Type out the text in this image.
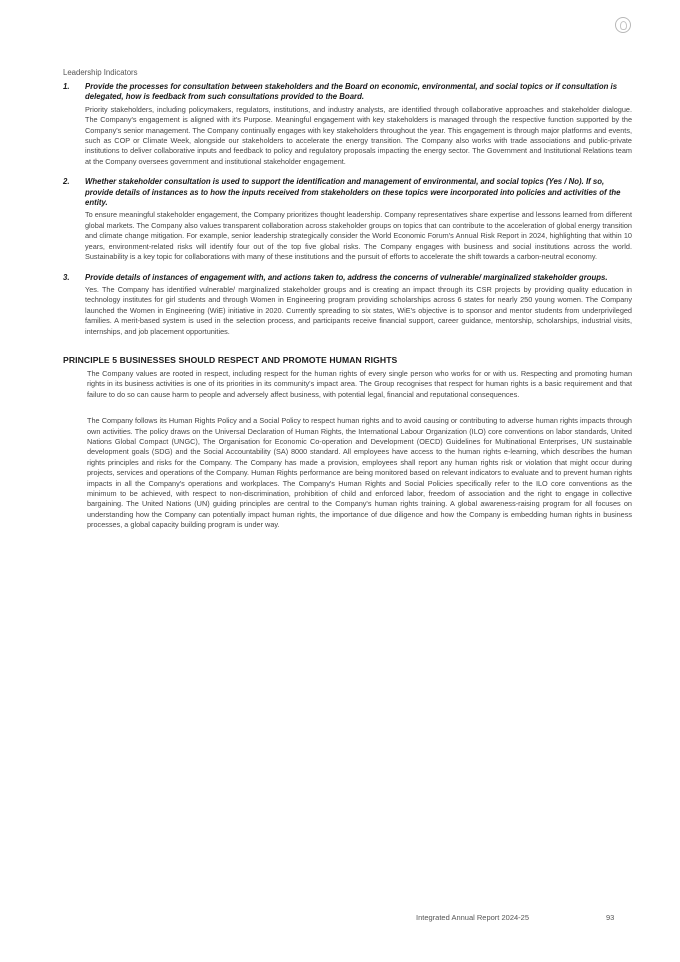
Leadership Indicators

1.	Provide the processes for consultation between stakeholders and the Board on economic, environmental, and social topics or if consultation is delegated, how is feedback from such consultations provided to the Board.

Priority stakeholders, including policymakers, regulators, institutions, and industry analysts, are identified through collaborative approaches and stakeholder dialogue. The Company's engagement is aligned with it's Purpose. Meaningful engagement with key stakeholders is managed through the respective function supported by the Company's senior management. The Company continually engages with key stakeholders throughout the year. This engagement is through major platforms and events, such as COP or Climate Week, alongside our stakeholders to accelerate the energy transition. The Company also works with trade associations and public-private institutions to deliver collaborative inputs and feedback to policy and regulatory proposals impacting the energy sector. The Government and Institutional Relations team at the Company oversees government and institutional stakeholder engagement.

2.	Whether stakeholder consultation is used to support the identification and management of environmental, and social topics (Yes / No). If so, provide details of instances as to how the inputs received from stakeholders on these topics were incorporated into policies and activities of the entity.

To ensure meaningful stakeholder engagement, the Company prioritizes thought leadership. Company representatives share expertise and lessons learned from different global markets. The Company also values transparent collaboration across stakeholder groups on topics that can contribute to the acceleration of global energy transition and climate change mitigation. For example, senior leadership strategically consider the World Economic Forum's Annual Risk Report in 2024, highlighting that within 10 years, environment-related risks will identify four out of the top five global risks. The Company engages with business and social institutions across the world. Sustainability is a key topic for collaborations with many of these institutions and the pursuit of efforts to accelerate the shift towards a carbon-neutral economy.

3.	Provide details of instances of engagement with, and actions taken to, address the concerns of vulnerable/ marginalized stakeholder groups.

Yes. The Company has identified vulnerable/ marginalized stakeholder groups and is creating an impact through its CSR projects by providing quality education in technology institutes for girl students and through Women in Engineering program providing scholarships across 6 states for nearly 250 young women. The Company launched the Women in Engineering (WiE) initiative in 2020. Currently spreading to six states, WiE's objective is to sponsor and mentor students from underprivileged families. A merit-based system is used in the selection process, and participants receive financial support, career guidance, mentorship, scholarships, industrial visits, internships, and job placement opportunities.

PRINCIPLE 5 BUSINESSES SHOULD RESPECT AND PROMOTE HUMAN RIGHTS

The Company values are rooted in respect, including respect for the human rights of every single person who works for or with us. Respecting and promoting human rights in its business activities is one of its priorities in its community's impact area. The Group recognises that respect for human rights is a basic requirement and that failure to do so can cause harm to people and adversely affect business, with potential legal, financial and reputational consequences.

The Company follows its Human Rights Policy and a Social Policy to respect human rights and to avoid causing or contributing to adverse human rights impacts through own activities. The policy draws on the Universal Declaration of Human Rights, the International Labour Organization (ILO) core conventions on labor standards, United Nations Global Compact (UNGC), The Organisation for Economic Co-operation and Development (OECD) Guidelines for Multinational Enterprises, UN sustainable development goals (SDG) and the Social Accountability (SA) 8000 standard. All employees have access to the human rights e-learning, which describes the human rights principles and risks for the Company. The Company has made a provision, employees shall report any human rights risk or violation that might occur during projects, services and operations of the Company. Human Rights performance are being monitored based on relevant indicators to evaluate and to prevent human rights impacts in all the Company's operations and workplaces. The Company's Human Rights and Social Policies specifically refer to the ILO core conventions as the minimum to be achieved, with respect to non-discrimination, prohibition of child and enforced labor, freedom of association and the right to engage in collective bargaining. The United Nations (UN) guiding principles are central to the Company's human rights training. A global awareness-raising program for all focuses on understanding how the Company can potentially impact human rights, the importance of due diligence and how the Company is embedding human rights in business processes, a global capacity building program is under way.

Integrated Annual Report 2024-25	93
